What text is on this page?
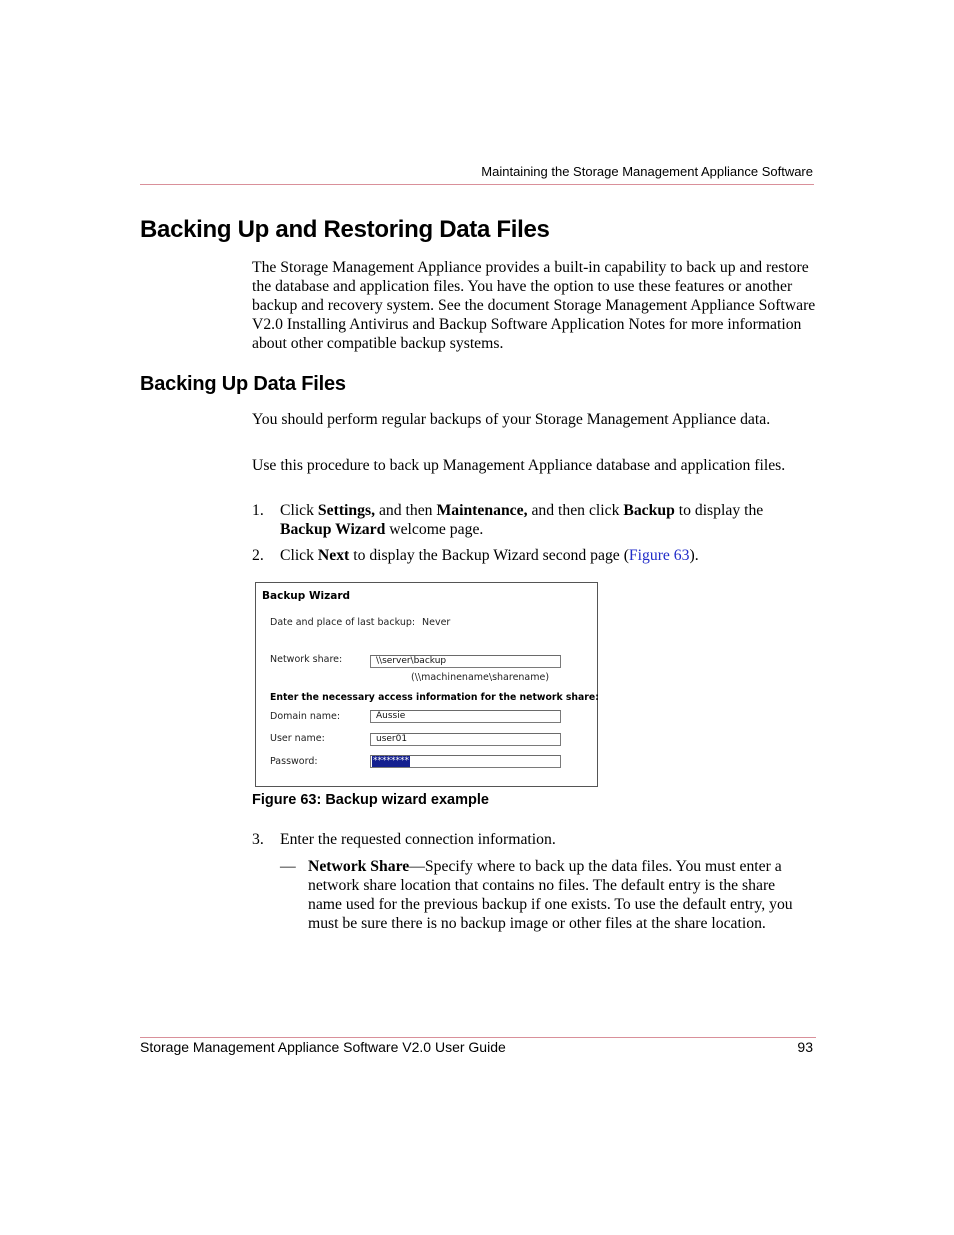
Maintaining the Storage Management Appliance Software
Backing Up and Restoring Data Files
The Storage Management Appliance provides a built-in capability to back up and restore the database and application files. You have the option to use these features or another backup and recovery system. See the document Storage Management Appliance Software V2.0 Installing Antivirus and Backup Software Application Notes for more information about other compatible backup systems.
Backing Up Data Files
You should perform regular backups of your Storage Management Appliance data.
Use this procedure to back up Management Appliance database and application files.
1. Click Settings, and then Maintenance, and then click Backup to display the Backup Wizard welcome page.
2. Click Next to display the Backup Wizard second page (Figure 63).
Backup Wizard
Date and place of last backup: Never
Network share:	\\server\backup
(\\machinename\sharename)
Enter the necessary access information for the network share:
Domain name:	Aussie
User name:	user01
Password:	********
Figure 63: Backup wizard example
3. Enter the requested connection information.
— Network Share—Specify where to back up the data files. You must enter a network share location that contains no files. The default entry is the share name used for the previous backup if one exists. To use the default entry, you must be sure there is no backup image or other files at the share location.
Storage Management Appliance Software V2.0 User Guide	93
